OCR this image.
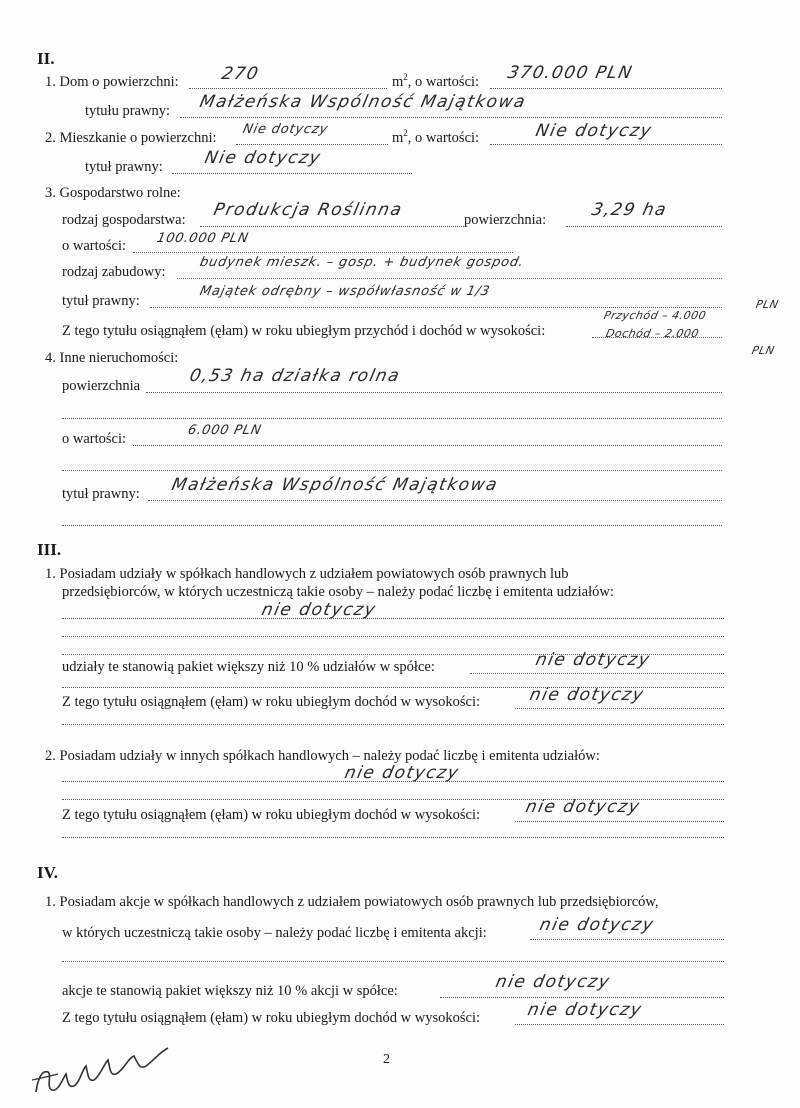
II.
1. Dom o powierzchni: 270	$m^2$, o wartości: 370.000 PLN
tytułu prawny: Małżeńska Wspólność Majątkowa
2. Mieszkanie o powierzchni:
Nie dotyczy
$m^2$, o wartości:	Nie dotyczy
tytuł prawny: Nie dotyczy
3. Gospodarstwo rolne:
rodzaj gospodarstwa: Produkcja Roślinna	powierzchnia:	3,29 ha
o wartości: 100.000 PLN
rodzaj zabudowy:
budynek mieszk. – gosp. + budynek gospod.
tytuł prawny:
Majątek odrębny – współwłasność w 1/3
Z tego tytułu osiągnąłem (ęłam) w roku ubiegłym przychód i dochód w wysokości:
Przychód – 4.000
PLN
Dochód – 2.000
PLN
4. Inne nieruchomości:
powierzchnia	0,53 ha działka rolna
o wartości:
6.000 PLN
tytuł prawny: Małżeńska Wspólność Majątkowa
III.
1. Posiadam udziały w spółkach handlowych z udziałem powiatowych osób prawnych lub
przedsiębiorców, w których uczestniczą takie osoby – należy podać liczbę i emitenta udziałów:
nie dotyczy
udziały te stanowią pakiet większy niż 10 % udziałów w spółce:	nie dotyczy
Z tego tytułu osiągnąłem (ęłam) w roku ubiegłym dochód w wysokości:	nie dotyczy
2. Posiadam udziały w innych spółkach handlowych – należy podać liczbę i emitenta udziałów:
nie dotyczy
Z tego tytułu osiągnąłem (ęłam) w roku ubiegłym dochód w wysokości:	nie dotyczy
IV.
1. Posiadam akcje w spółkach handlowych z udziałem powiatowych osób prawnych lub przedsiębiorców,
w których uczestniczą takie osoby – należy podać liczbę i emitenta akcji:	nie dotyczy
akcje te stanowią pakiet większy niż 10 % akcji w spółce:	nie dotyczy
Z tego tytułu osiągnąłem (ęłam) w roku ubiegłym dochód w wysokości:	nie dotyczy
2
